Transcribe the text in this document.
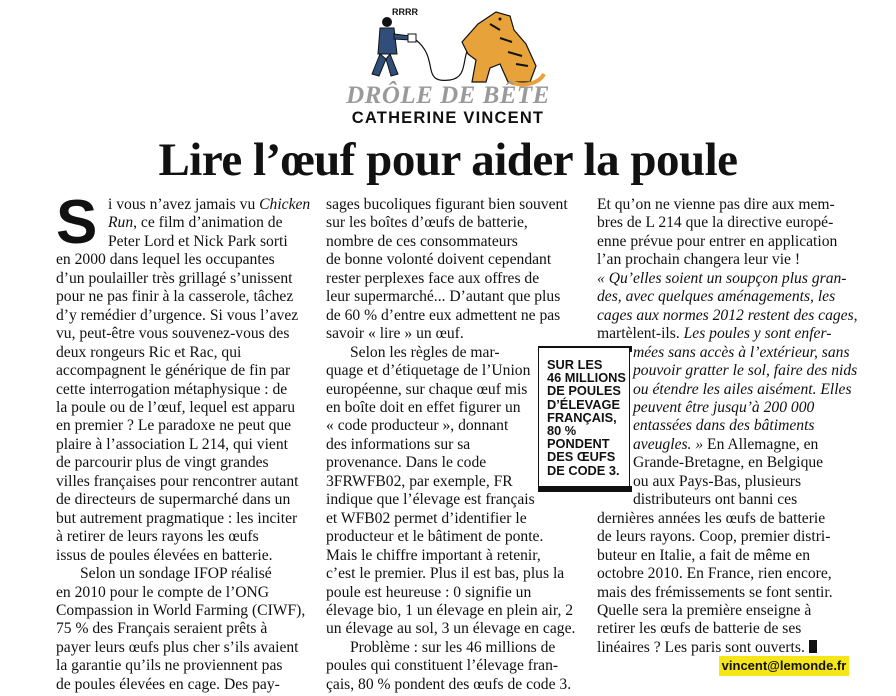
RRRR
DRÔLE DE BÊTE
CATHERINE VINCENT
Lire l’œuf pour aider la poule
S i vous n’avez jamais vu Chicken
Run, ce film d’animation de
Peter Lord et Nick Park sorti
en 2000 dans lequel les occupantes
d’un poulailler très grillagé s’unissent
pour ne pas finir à la casserole, tâchez
d’y remédier d’urgence. Si vous l’avez
vu, peut-être vous souvenez-vous des
deux rongeurs Ric et Rac, qui
accompagnent le générique de fin par
cette interrogation métaphysique : de
la poule ou de l’œuf, lequel est apparu
en premier ? Le paradoxe ne peut que
plaire à l’association L 214, qui vient
de parcourir plus de vingt grandes
villes françaises pour rencontrer autant
de directeurs de supermarché dans un
but autrement pragmatique : les inciter
à retirer de leurs rayons les œufs
issus de poules élevées en batterie.
Selon un sondage IFOP réalisé
en 2010 pour le compte de l’ONG
Compassion in World Farming (CIWF),
75 % des Français seraient prêts à
payer leurs œufs plus cher s’ils avaient
la garantie qu’ils ne proviennent pas
de poules élevées en cage. Des pay-
sages bucoliques figurant bien souvent
sur les boîtes d’œufs de batterie,
nombre de ces consommateurs
de bonne volonté doivent cependant
rester perplexes face aux offres de
leur supermarché... D’autant que plus
de 60 % d’entre eux admettent ne pas
savoir « lire » un œuf.
Selon les règles de mar-
quage et d’étiquetage de l’Union
européenne, sur chaque œuf mis
en boîte doit en effet figurer un
« code producteur », donnant
des informations sur sa
provenance. Dans le code
3FRWFB02, par exemple, FR
indique que l’élevage est français
et WFB02 permet d’identifier le
producteur et le bâtiment de ponte.
Mais le chiffre important à retenir,
c’est le premier. Plus il est bas, plus la
poule est heureuse : 0 signifie un
élevage bio, 1 un élevage en plein air, 2
un élevage au sol, 3 un élevage en cage.
Problème : sur les 46 millions de
poules qui constituent l’élevage fran-
çais, 80 % pondent des œufs de code 3.
Et qu’on ne vienne pas dire aux mem-
bres de L 214 que la directive europé-
enne prévue pour entrer en application
l’an prochain changera leur vie !
« Qu’elles soient un soupçon plus gran-
des, avec quelques aménagements, les
cages aux normes 2012 restent des cages,
martèlent-ils. Les poules y sont enfer-
mées sans accès à l’extérieur, sans
pouvoir gratter le sol, faire des nids
ou étendre les ailes aisément. Elles
peuvent être jusqu’à 200 000
entassées dans des bâtiments
aveugles. » En Allemagne, en
Grande-Bretagne, en Belgique
ou aux Pays-Bas, plusieurs
distributeurs ont banni ces
dernières années les œufs de batterie
de leurs rayons. Coop, premier distri-
buteur en Italie, a fait de même en
octobre 2010. En France, rien encore,
mais des frémissements se font sentir.
Quelle sera la première enseigne à
retirer les œufs de batterie de ses
linéaires ? Les paris sont ouverts.
SUR LES
46 MILLIONS
DE POULES
D’ÉLEVAGE
FRANÇAIS,
80 %
PONDENT
DES ŒUFS
DE CODE 3.
vincent@lemonde.fr
